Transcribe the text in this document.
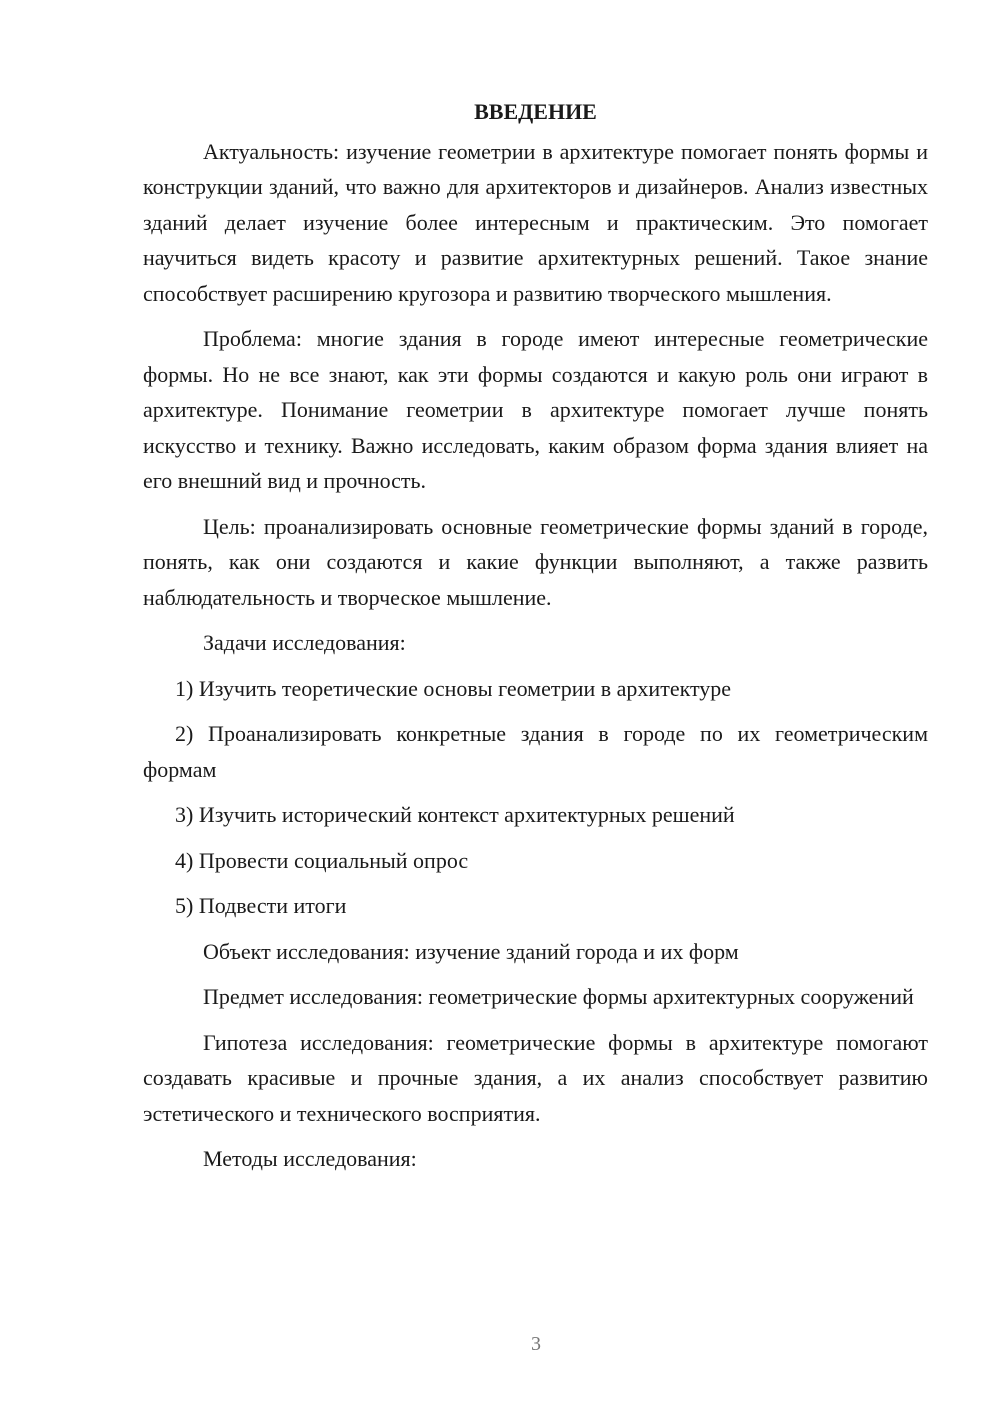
ВВЕДЕНИЕ

Актуальность: изучение геометрии в архитектуре помогает понять формы и конструкции зданий, что важно для архитекторов и дизайнеров. Анализ известных зданий делает изучение более интересным и практическим. Это помогает научиться видеть красоту и развитие архитектурных решений. Такое знание способствует расширению кругозора и развитию творческого мышления.

Проблема: многие здания в городе имеют интересные геометрические формы. Но не все знают, как эти формы создаются и какую роль они играют в архитектуре. Понимание геометрии в архитектуре помогает лучше понять искусство и технику. Важно исследовать, каким образом форма здания влияет на его внешний вид и прочность.

Цель: проанализировать основные геометрические формы зданий в городе, понять, как они создаются и какие функции выполняют, а также развить наблюдательность и творческое мышление.

Задачи исследования:

1) Изучить теоретические основы геометрии в архитектуре

2) Проанализировать конкретные здания в городе по их геометрическим формам

3) Изучить исторический контекст архитектурных решений

4) Провести социальный опрос

5) Подвести итоги

Объект исследования: изучение зданий города и их форм

Предмет исследования: геометрические формы архитектурных сооружений

Гипотеза исследования: геометрические формы в архитектуре помогают создавать красивые и прочные здания, а их анализ способствует развитию эстетического и технического восприятия.

Методы исследования:

3
